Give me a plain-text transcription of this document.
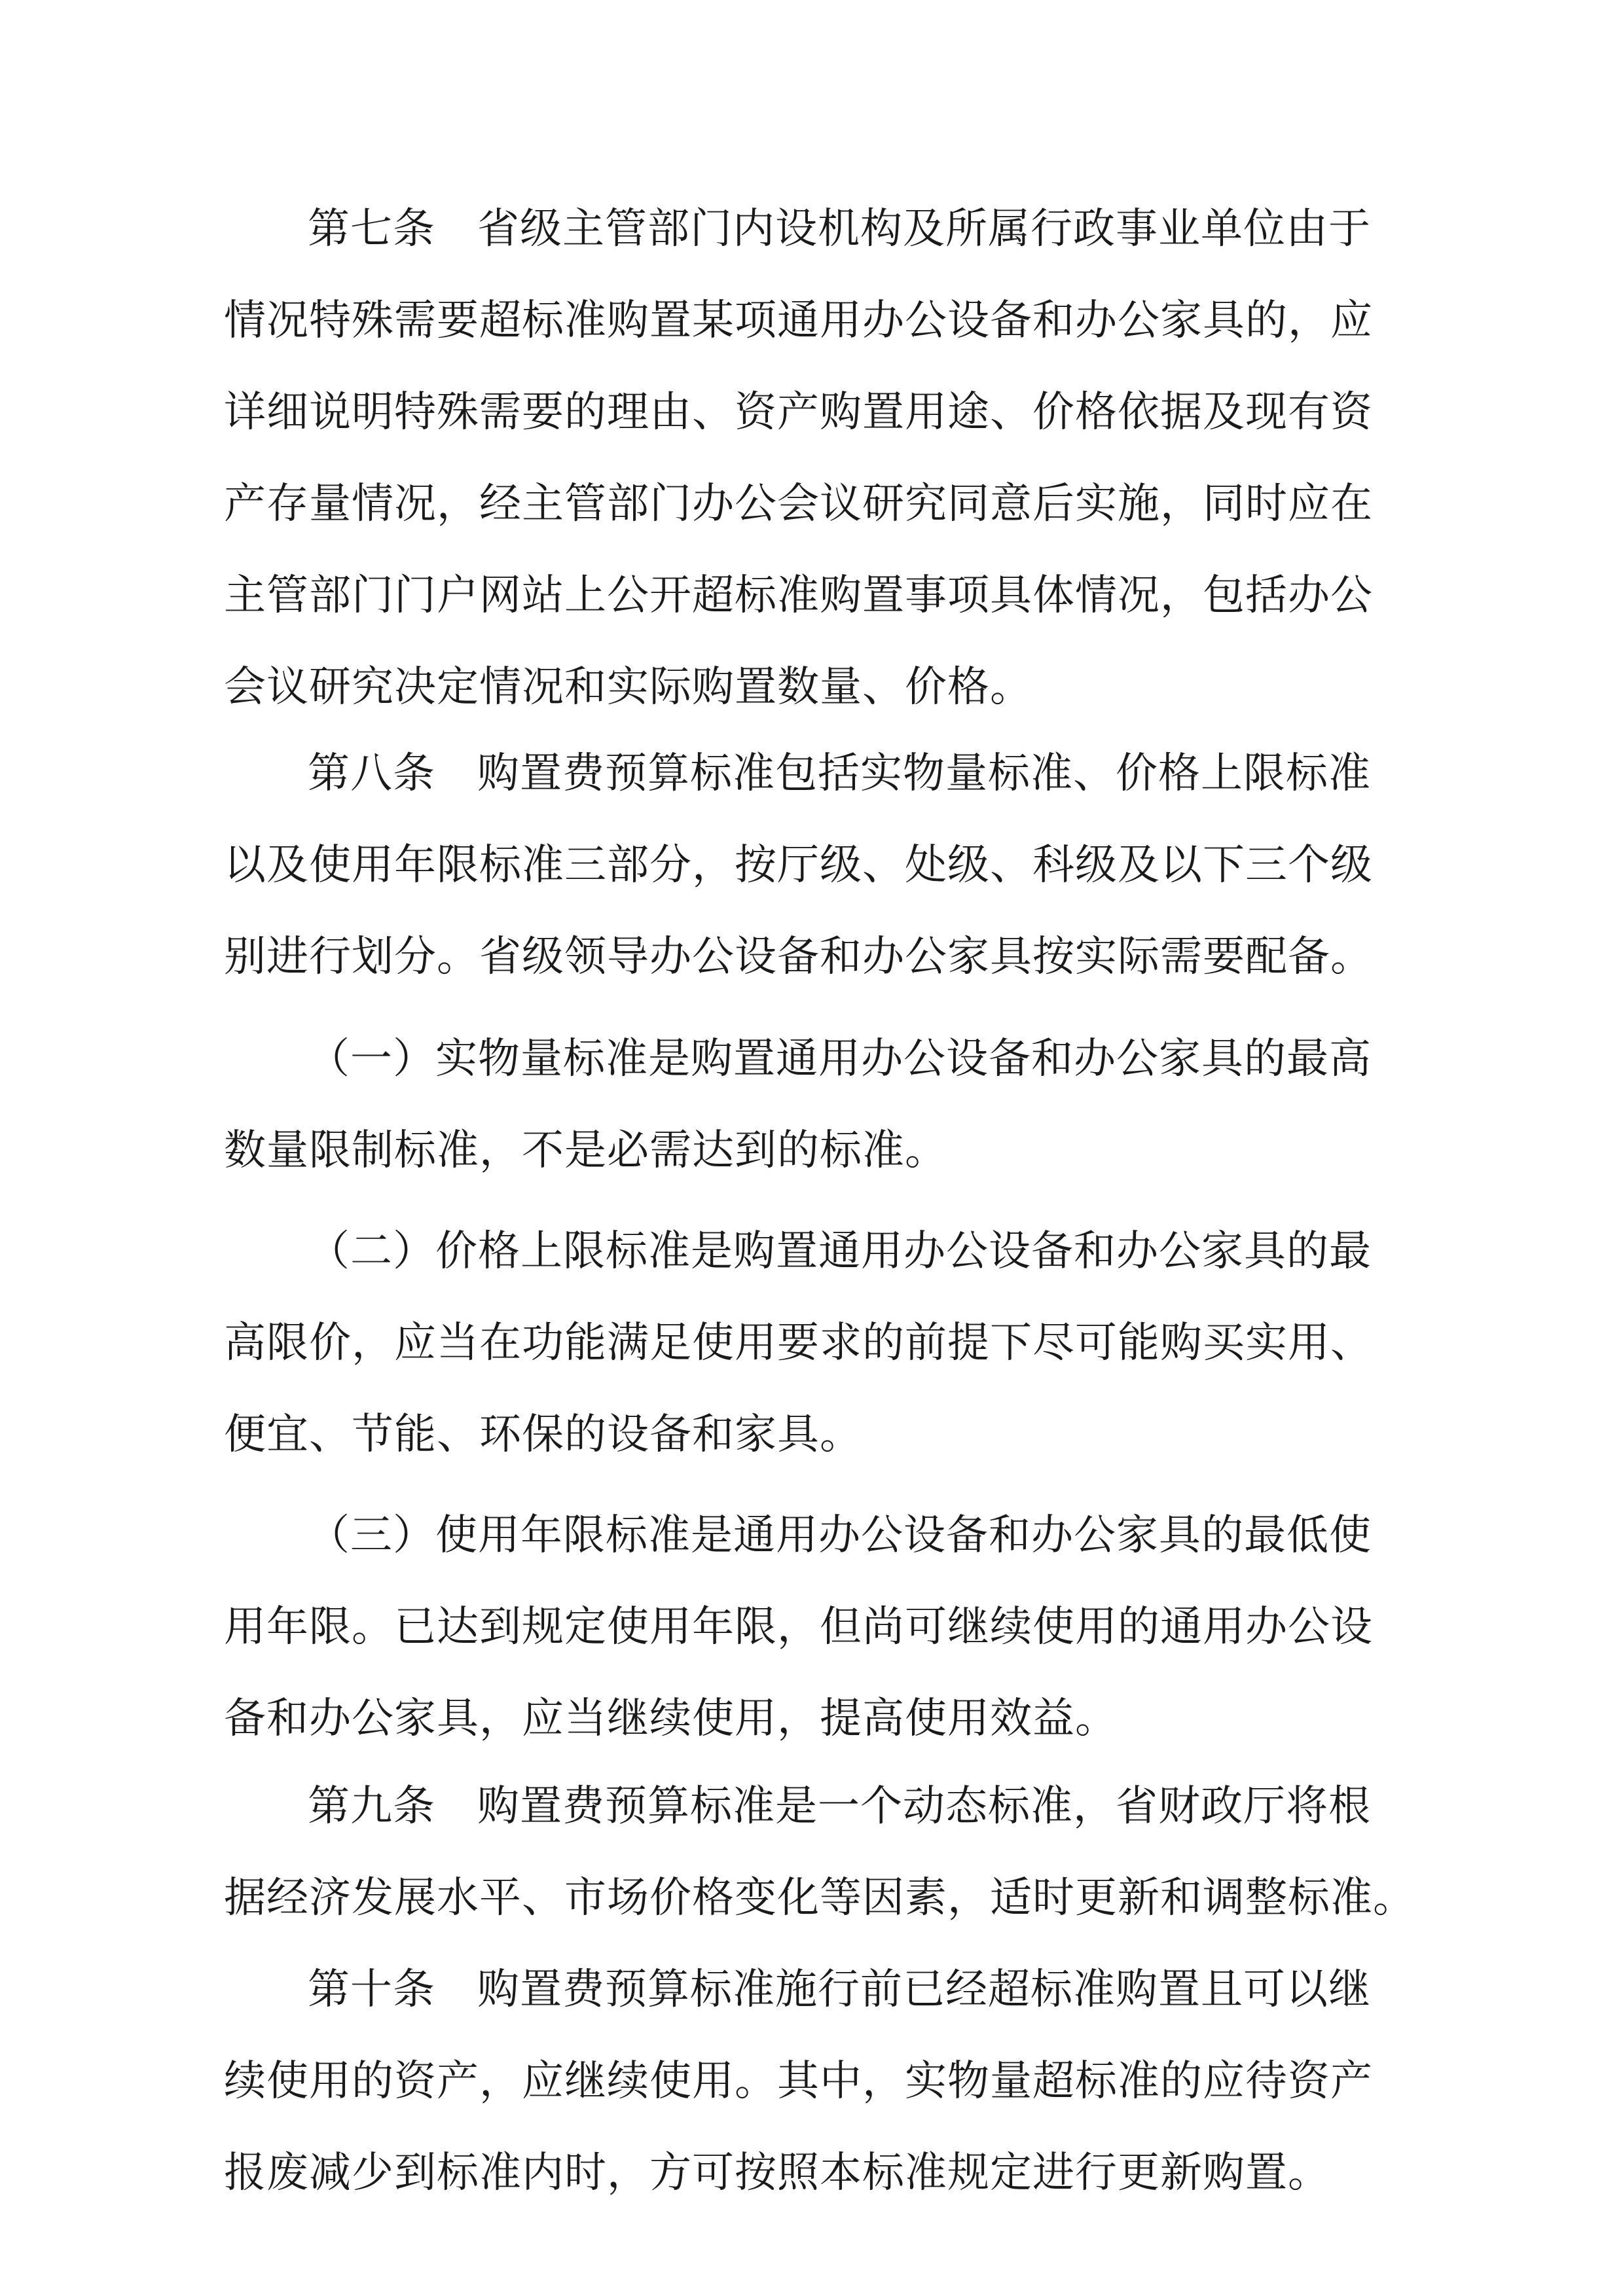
第七条 省级主管部门内设机构及所属行政事业单位由于
情况特殊需要超标准购置某项通用办公设备和办公家具的，应
详细说明特殊需要的理由、资产购置用途、价格依据及现有资
产存量情况，经主管部门办公会议研究同意后实施，同时应在
主管部门门户网站上公开超标准购置事项具体情况，包括办公
会议研究决定情况和实际购置数量、价格。
第八条 购置费预算标准包括实物量标准、价格上限标准
以及使用年限标准三部分，按厅级、处级、科级及以下三个级
别进行划分。省级领导办公设备和办公家具按实际需要配备。
（一）实物量标准是购置通用办公设备和办公家具的最高
数量限制标准，不是必需达到的标准。
（二）价格上限标准是购置通用办公设备和办公家具的最
高限价，应当在功能满足使用要求的前提下尽可能购买实用、
便宜、节能、环保的设备和家具。
（三）使用年限标准是通用办公设备和办公家具的最低使
用年限。已达到规定使用年限，但尚可继续使用的通用办公设
备和办公家具，应当继续使用，提高使用效益。
第九条 购置费预算标准是一个动态标准，省财政厅将根
据经济发展水平、市场价格变化等因素，适时更新和调整标准。
第十条 购置费预算标准施行前已经超标准购置且可以继
续使用的资产，应继续使用。其中，实物量超标准的应待资产
报废减少到标准内时，方可按照本标准规定进行更新购置。
